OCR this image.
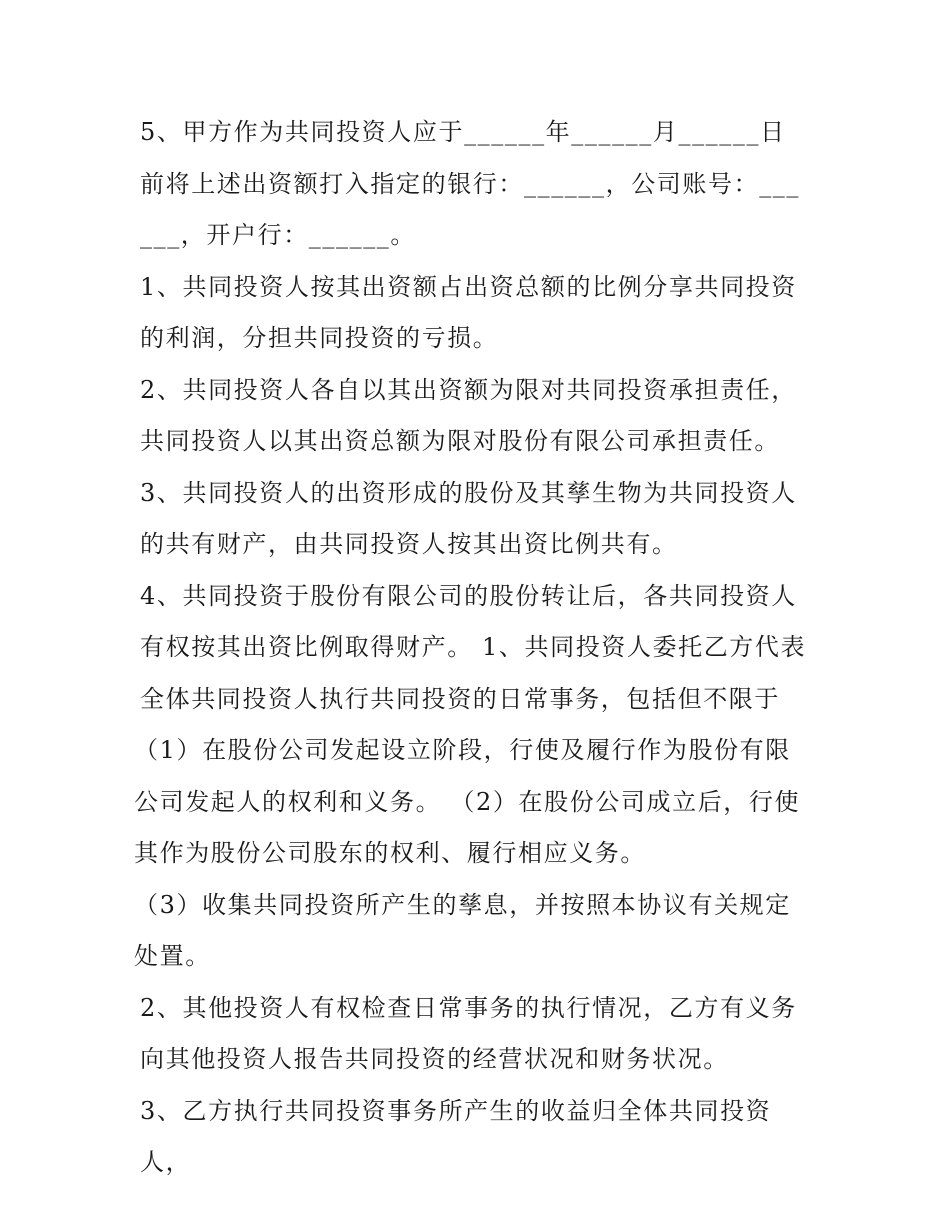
5、甲方作为共同投资人应于______年______月______日前将上述出资额打入指定的银行：______，公司账号：______，开户行：______。

1、共同投资人按其出资额占出资总额的比例分享共同投资的利润，分担共同投资的亏损。

2、共同投资人各自以其出资额为限对共同投资承担责任，共同投资人以其出资总额为限对股份有限公司承担责任。

3、共同投资人的出资形成的股份及其孳生物为共同投资人的共有财产，由共同投资人按其出资比例共有。

4、共同投资于股份有限公司的股份转让后，各共同投资人有权按其出资比例取得财产。 1、共同投资人委托乙方代表全体共同投资人执行共同投资的日常事务，包括但不限于

（1）在股份公司发起设立阶段，行使及履行作为股份有限公司发起人的权利和义务。 （2）在股份公司成立后，行使其作为股份公司股东的权利、履行相应义务。

（3）收集共同投资所产生的孳息，并按照本协议有关规定处置。

2、其他投资人有权检查日常事务的执行情况，乙方有义务向其他投资人报告共同投资的经营状况和财务状况。

3、乙方执行共同投资事务所产生的收益归全体共同投资人，
